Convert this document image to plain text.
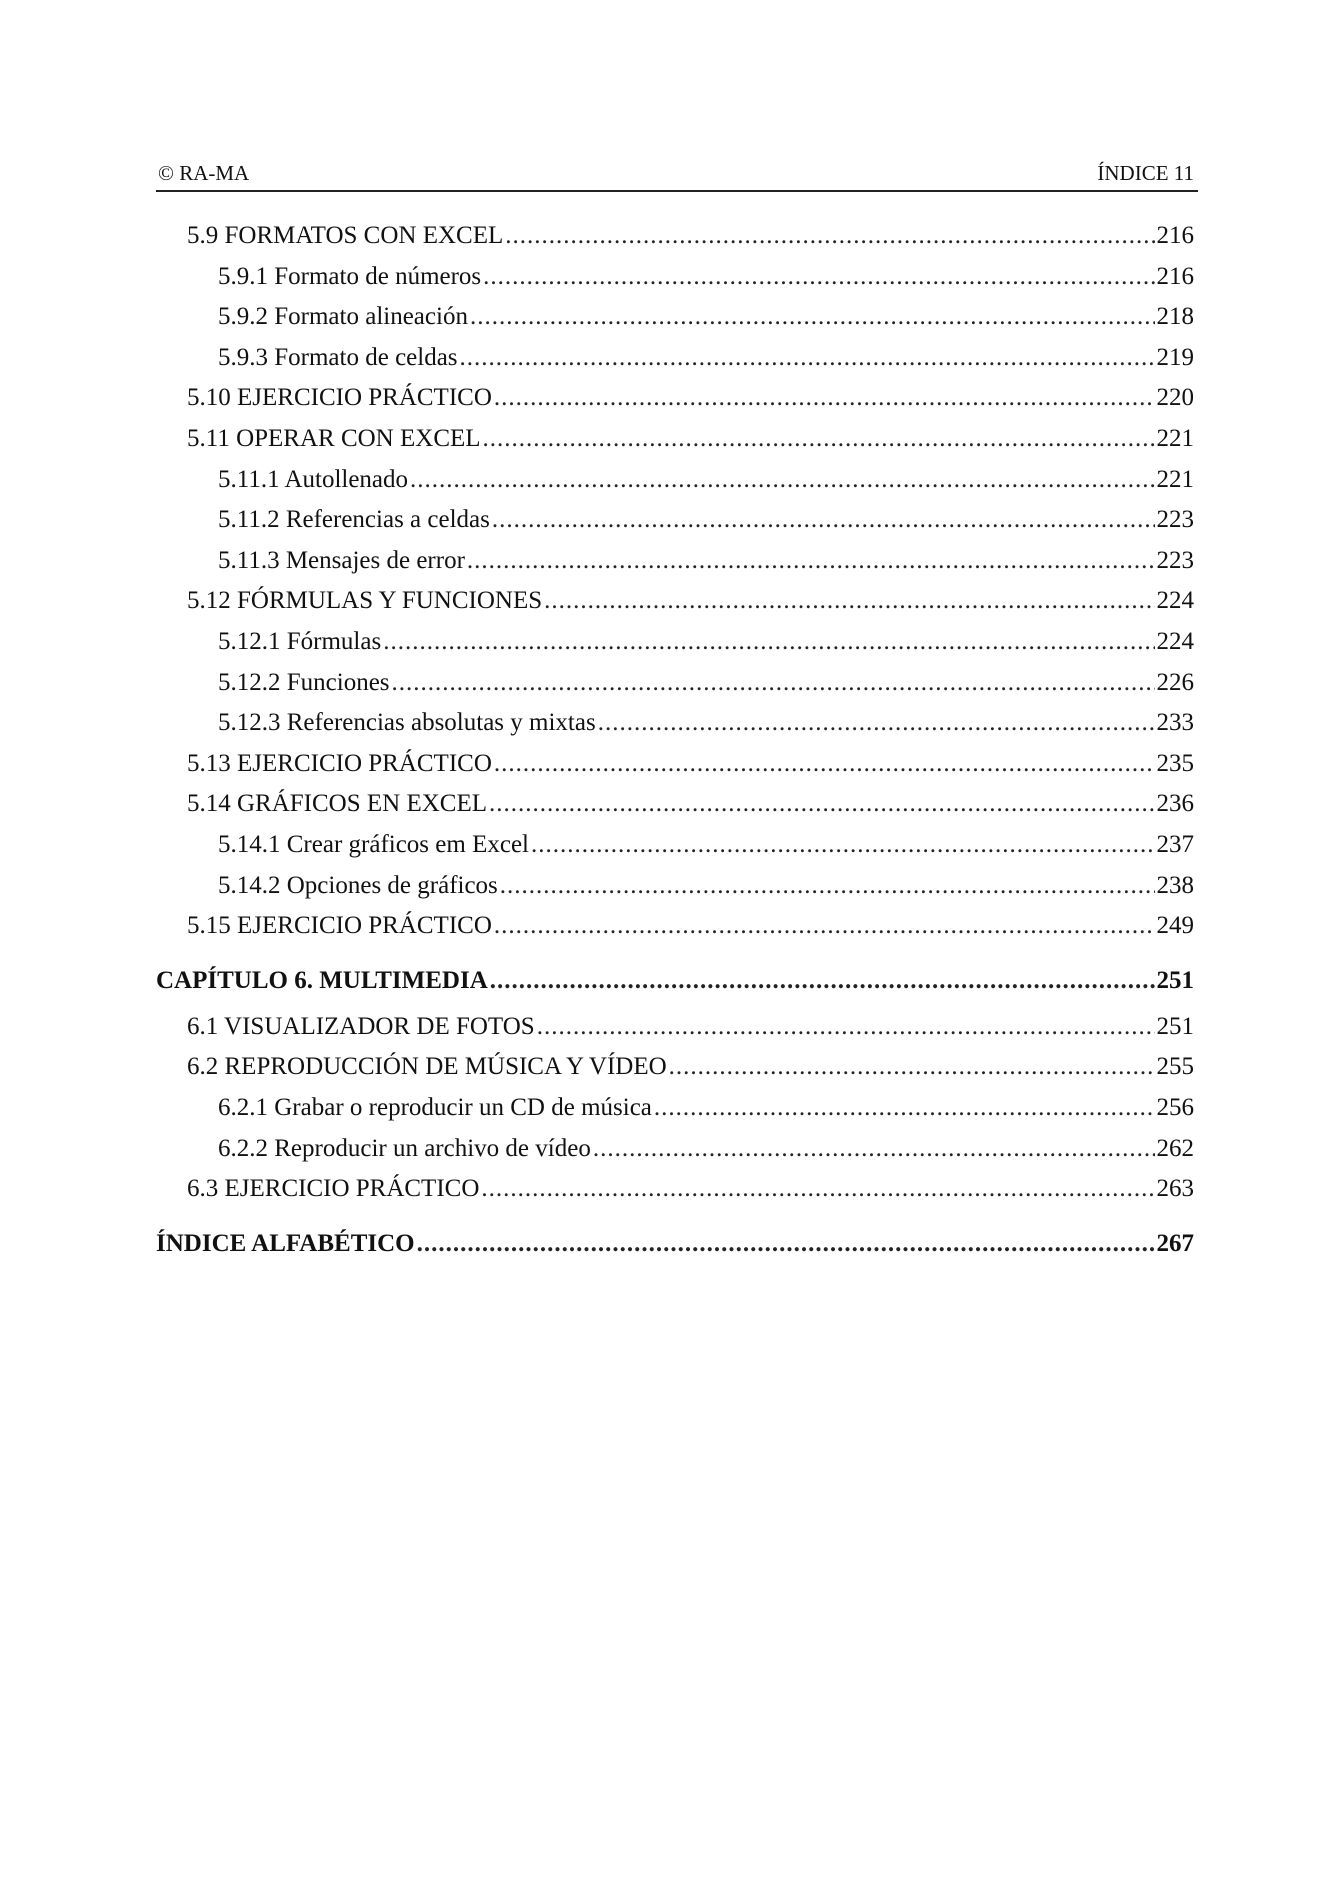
© RA-MA	ÍNDICE 11
5.9 FORMATOS CON EXCEL .....	216
5.9.1 Formato de números .....	216
5.9.2 Formato alineación .....	218
5.9.3 Formato de celdas .....	219
5.10 EJERCICIO PRÁCTICO .....	220
5.11 OPERAR CON EXCEL .....	221
5.11.1 Autollenado .....	221
5.11.2 Referencias a celdas .....	223
5.11.3 Mensajes de error .....	223
5.12 FÓRMULAS Y FUNCIONES .....	224
5.12.1 Fórmulas .....	224
5.12.2 Funciones .....	226
5.12.3 Referencias absolutas y mixtas .....	233
5.13 EJERCICIO PRÁCTICO .....	235
5.14 GRÁFICOS EN EXCEL .....	236
5.14.1 Crear gráficos em Excel .....	237
5.14.2 Opciones de gráficos .....	238
5.15 EJERCICIO PRÁCTICO .....	249
CAPÍTULO 6. MULTIMEDIA .....	251
6.1 VISUALIZADOR DE FOTOS .....	251
6.2 REPRODUCCIÓN DE MÚSICA Y VÍDEO .....	255
6.2.1 Grabar o reproducir un CD de música .....	256
6.2.2 Reproducir un archivo de vídeo .....	262
6.3 EJERCICIO PRÁCTICO .....	263
ÍNDICE ALFABÉTICO .....	267
